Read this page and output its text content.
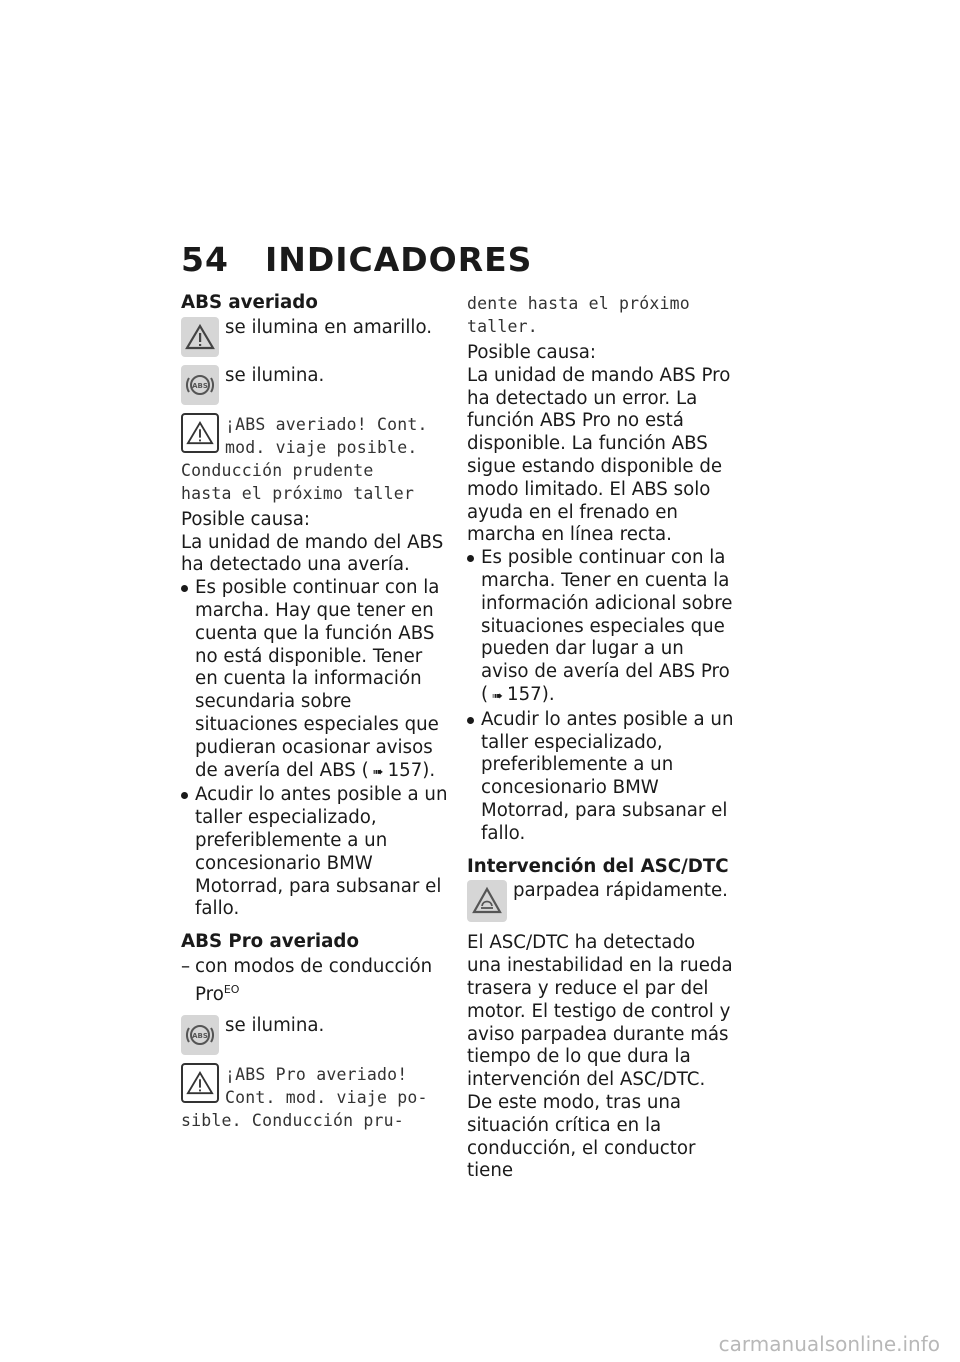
54 INDICADORES
ABS averiado
se ilumina en amarillo.
ABS se ilumina.
¡ABS averiado! Cont.
mod. viaje posible.
Conducción prudente
hasta el próximo taller

Posible causa:

La unidad de mando del ABS ha detectado una avería.

Es posible continuar con la marcha. Hay que tener en cuenta que la función ABS no está disponible. Tener en cuenta la información secundaria sobre situaciones especiales que pudieran ocasionar avisos de avería del ABS ( ➠ 157).
Acudir lo antes posible a un taller especializado, preferiblemente a un concesionario BMW Motorrad, para subsanar el fallo.
ABS Pro averiado
– con modos de conducción Pro$^{EO}$
ABS se ilumina.
¡ABS Pro averiado!
Cont. mod. viaje po-
sible. Conducción pru-
dente hasta el próximo
taller.

Posible causa:

La unidad de mando ABS Pro ha detectado un error. La función ABS Pro no está disponible. La función ABS sigue estando disponible de modo limitado. El ABS solo ayuda en el frenado en marcha en línea recta.

Es posible continuar con la marcha. Tener en cuenta la información adicional sobre situaciones especiales que pueden dar lugar a un aviso de avería del ABS Pro ( ➠ 157).
Acudir lo antes posible a un taller especializado, preferiblemente a un concesionario BMW Motorrad, para subsanar el fallo.
Intervención del ASC/DTC
parpadea rápidamente.

El ASC/DTC ha detectado una inestabilidad en la rueda trasera y reduce el par del motor. El testigo de control y aviso parpadea durante más tiempo de lo que dura la intervención del ASC/DTC. De este modo, tras una situación crítica en la conducción, el conductor tiene

carmanualsonline.info
